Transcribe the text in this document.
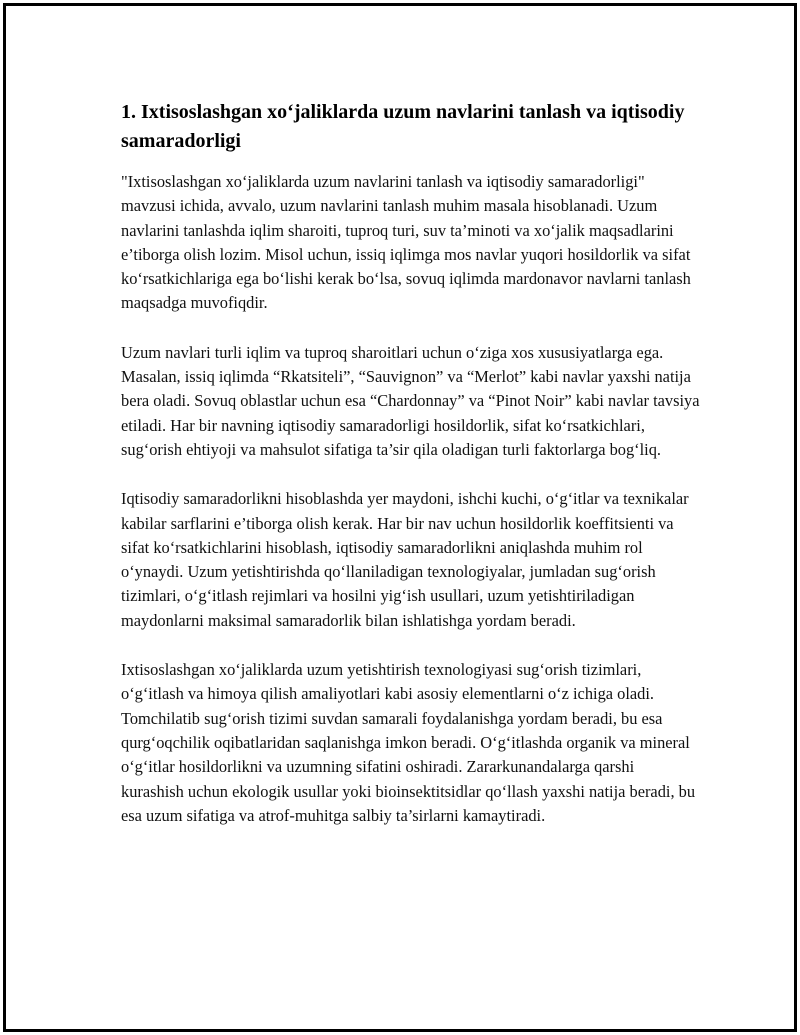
1. Ixtisoslashgan xo‘jaliklarda uzum navlarini tanlash va iqtisodiy samaradorligi

"Ixtisoslashgan xo‘jaliklarda uzum navlarini tanlash va iqtisodiy samaradorligi" mavzusi ichida, avvalo, uzum navlarini tanlash muhim masala hisoblanadi. Uzum navlarini tanlashda iqlim sharoiti, tuproq turi, suv ta’minoti va xo‘jalik maqsadlarini e’tiborga olish lozim. Misol uchun, issiq iqlimga mos navlar yuqori hosildorlik va sifat ko‘rsatkichlariga ega bo‘lishi kerak bo‘lsa, sovuq iqlimda mardonavor navlarni tanlash maqsadga muvofiqdir.

Uzum navlari turli iqlim va tuproq sharoitlari uchun o‘ziga xos xususiyatlarga ega. Masalan, issiq iqlimda “Rkatsiteli”, “Sauvignon” va “Merlot” kabi navlar yaxshi natija bera oladi. Sovuq oblastlar uchun esa “Chardonnay” va “Pinot Noir” kabi navlar tavsiya etiladi. Har bir navning iqtisodiy samaradorligi hosildorlik, sifat ko‘rsatkichlari, sug‘orish ehtiyoji va mahsulot sifatiga ta’sir qila oladigan turli faktorlarga bog‘liq.

Iqtisodiy samaradorlikni hisoblashda yer maydoni, ishchi kuchi, o‘g‘itlar va texnikalar kabilar sarflarini e’tiborga olish kerak. Har bir nav uchun hosildorlik koeffitsienti va sifat ko‘rsatkichlarini hisoblash, iqtisodiy samaradorlikni aniqlashda muhim rol o‘ynaydi. Uzum yetishtirishda qo‘llaniladigan texnologiyalar, jumladan sug‘orish tizimlari, o‘g‘itlash rejimlari va hosilni yig‘ish usullari, uzum yetishtiriladigan maydonlarni maksimal samaradorlik bilan ishlatishga yordam beradi.

Ixtisoslashgan xo‘jaliklarda uzum yetishtirish texnologiyasi sug‘orish tizimlari, o‘g‘itlash va himoya qilish amaliyotlari kabi asosiy elementlarni o‘z ichiga oladi. Tomchilatib sug‘orish tizimi suvdan samarali foydalanishga yordam beradi, bu esa qurg‘oqchilik oqibatlaridan saqlanishga imkon beradi. O‘g‘itlashda organik va mineral o‘g‘itlar hosildorlikni va uzumning sifatini oshiradi. Zararkunandalarga qarshi kurashish uchun ekologik usullar yoki bioinsektitsidlar qo‘llash yaxshi natija beradi, bu esa uzum sifatiga va atrof-muhitga salbiy ta’sirlarni kamaytiradi.
